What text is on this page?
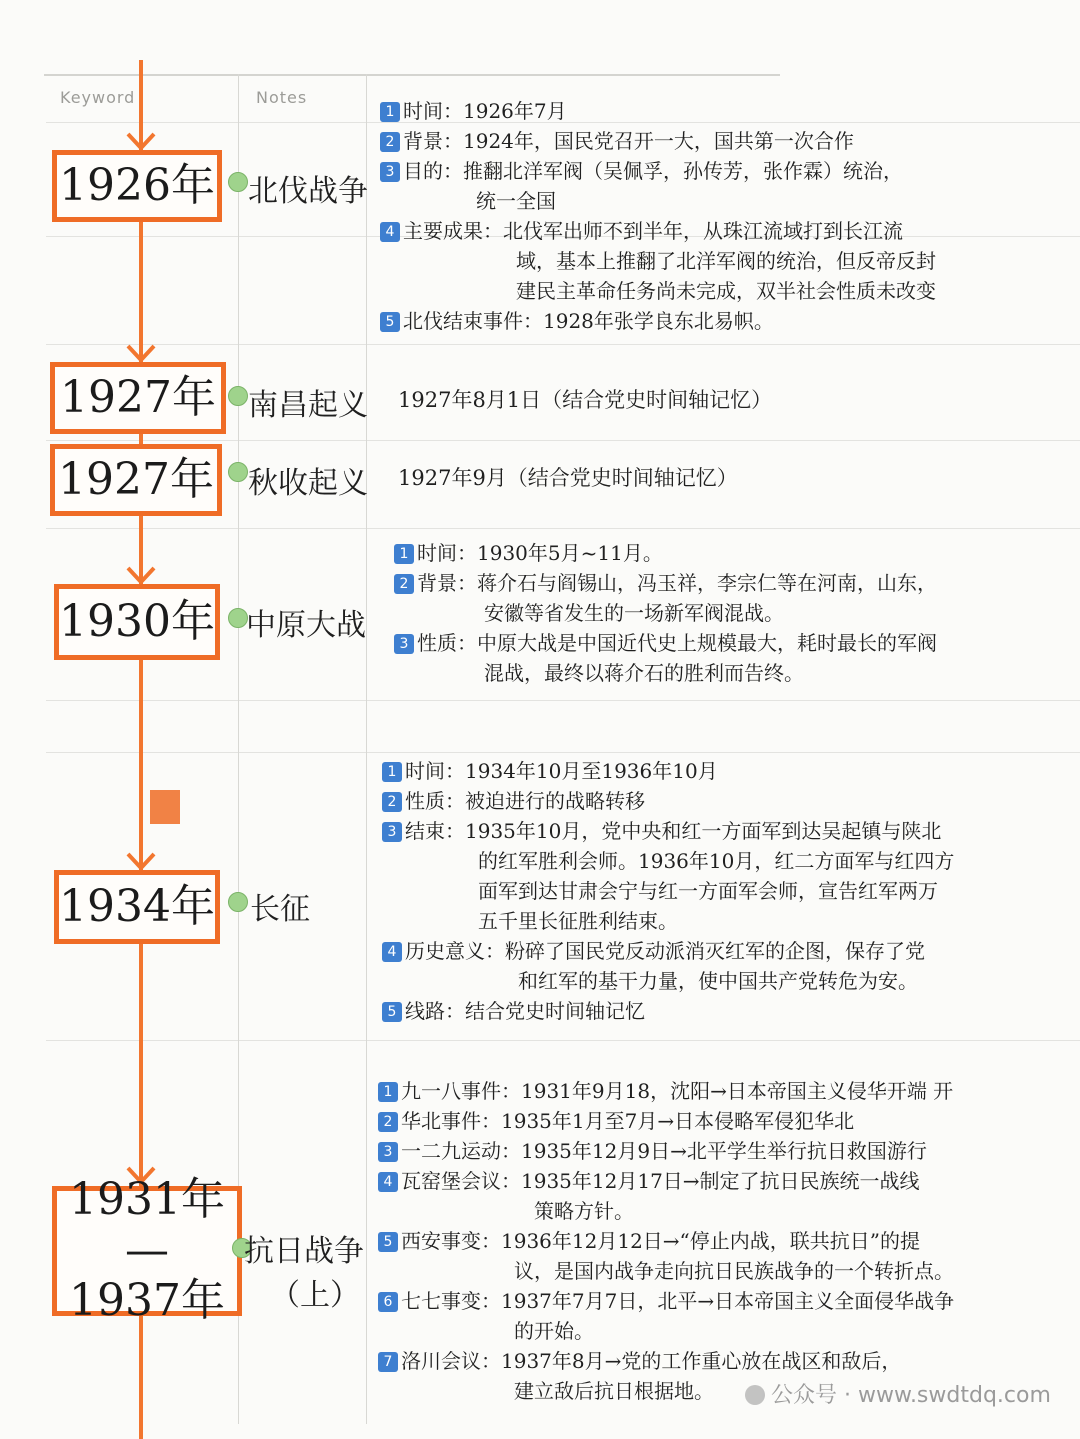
Keyword	Notes
1926年 北伐战争
1 时间：1926年7月
2 背景：1924年，国民党召开一大，国共第一次合作
3 目的：推翻北洋军阀（吴佩孚，孙传芳，张作霖）统治，
统一全国
4 主要成果：北伐军出师不到半年，从珠江流域打到长江流
域，基本上推翻了北洋军阀的统治，但反帝反封
建民主革命任务尚未完成，双半社会性质未改变
5 北伐结束事件：1928年张学良东北易帜。
1927年	南昌起义 1927年8月1日（结合党史时间轴记忆）
1927年 秋收起义 1927年9月（结合党史时间轴记忆）
1930年 中原大战
1 时间：1930年5月~11月。
2 背景：蒋介石与阎锡山，冯玉祥，李宗仁等在河南，山东，
安徽等省发生的一场新军阀混战。
3 性质：中原大战是中国近代史上规模最大，耗时最长的军阀
混战，最终以蒋介石的胜利而告终。
1934年 长征
1 时间：1934年10月至1936年10月
2 性质：被迫进行的战略转移
3 结束：1935年10月，党中央和红一方面军到达吴起镇与陕北
的红军胜利会师。1936年10月，红二方面军与红四方
面军到达甘肃会宁与红一方面军会师，宣告红军两万
五千里长征胜利结束。
4 历史意义：粉碎了国民党反动派消灭红军的企图，保存了党
和红军的基干力量，使中国共产党转危为安。
5 线路：结合党史时间轴记忆
1931年—
1937年
抗日战争
（上）
1 九一八事件：1931年9月18，沈阳→日本帝国主义侵华开端 开
2 华北事件：1935年1月至7月→日本侵略军侵犯华北
3 一二九运动：1935年12月9日→北平学生举行抗日救国游行
4 瓦窑堡会议：1935年12月17日→制定了抗日民族统一战线
策略方针。
5 西安事变：1936年12月12日→“停止内战，联共抗日”的提
议，是国内战争走向抗日民族战争的一个转折点。
6 七七事变：1937年7月7日，北平→日本帝国主义全面侵华战争
的开始。
7 洛川会议：1937年8月→党的工作重心放在战区和敌后，
建立敌后抗日根据地。	公众号 · www.swdtdq.com
